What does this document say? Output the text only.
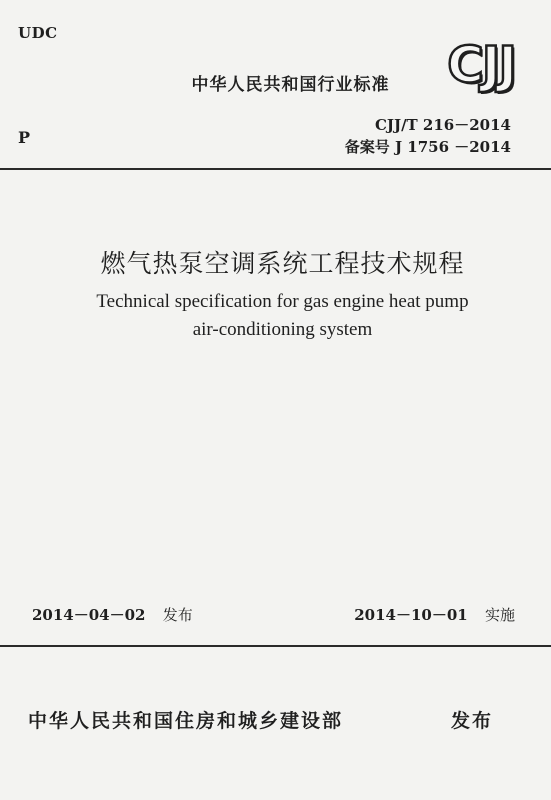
UDC
中华人民共和国行业标准	CJJ
P
CJJ/T 216－2014
备案号 J 1756 －2014
燃气热泵空调系统工程技术规程
Technical specification for gas engine heat pump
air-conditioning system
2014－04－02 发布	2014－10－01 实施
中华人民共和国住房和城乡建设部	发布
